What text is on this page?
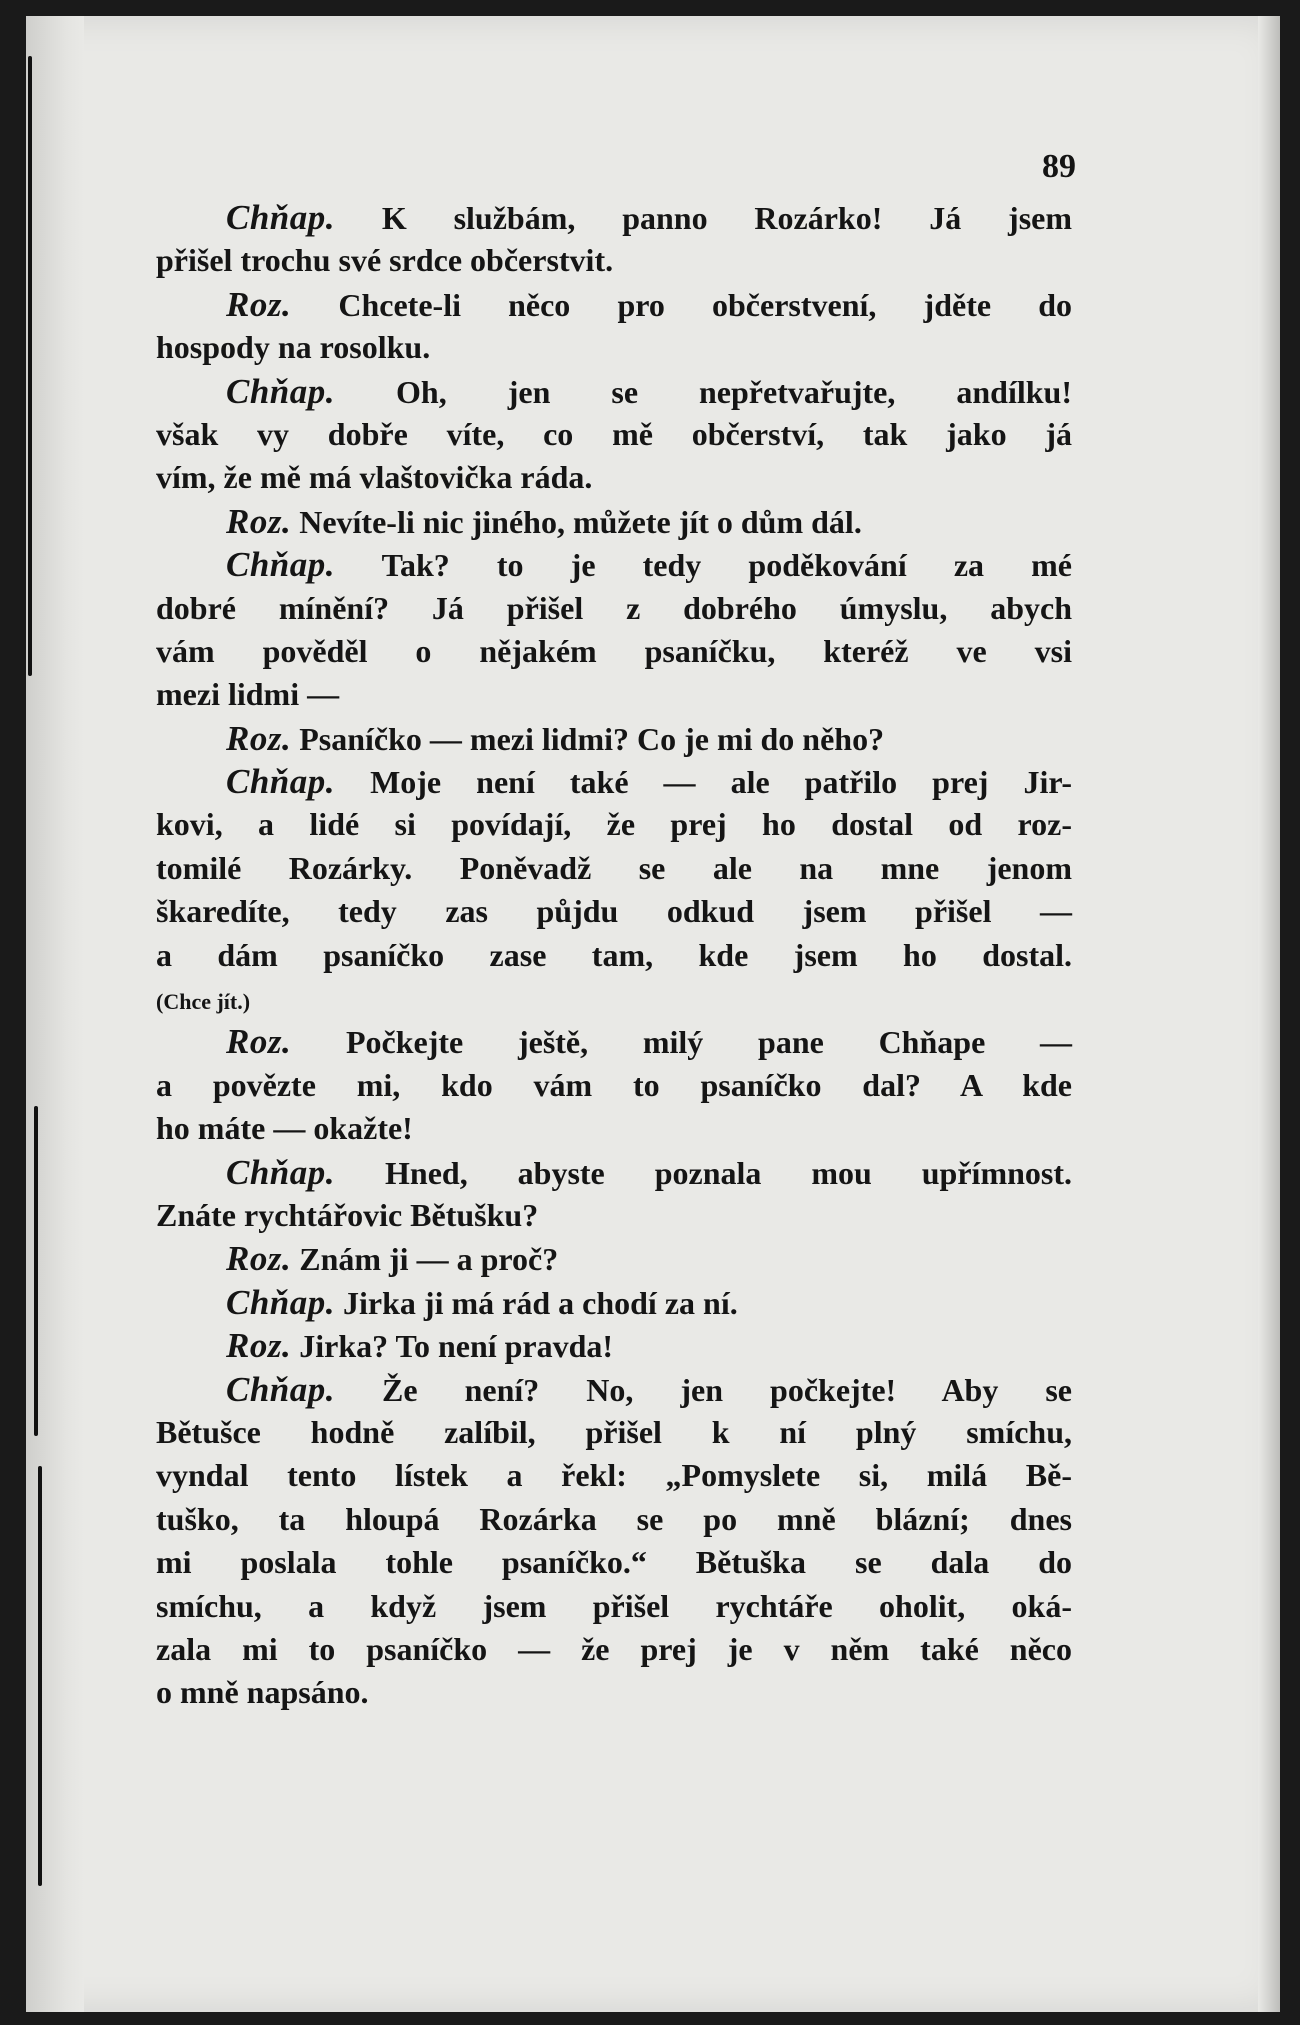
89
Chňap. K službám, panno Rozárko! Já jsem
přišel trochu své srdce občerstvit.
Roz. Chcete-li něco pro občerstvení, jděte do
hospody na rosolku.
Chňap. Oh, jen se nepřetvařujte, andílku!
však vy dobře víte, co mě občerství, tak jako já
vím, že mě má vlaštovička ráda.
Roz. Nevíte-li nic jiného, můžete jít o dům dál.
Chňap. Tak? to je tedy poděkování za mé
dobré mínění? Já přišel z dobrého úmyslu, abych
vám pověděl o nějakém psaníčku, kteréž ve vsi
mezi lidmi —
Roz. Psaníčko — mezi lidmi? Co je mi do něho?
Chňap. Moje není také — ale patřilo prej Jir-
kovi, a lidé si povídají, že prej ho dostal od roz-
tomilé Rozárky. Poněvadž se ale na mne jenom
škaredíte, tedy zas půjdu odkud jsem přišel —
a dám psaníčko zase tam, kde jsem ho dostal.
(Chce jít.)
Roz. Počkejte ještě, milý pane Chňape —
a povězte mi, kdo vám to psaníčko dal? A kde
ho máte — okažte!
Chňap. Hned, abyste poznala mou upřímnost.
Znáte rychtářovic Bětušku?
Roz. Znám ji — a proč?
Chňap. Jirka ji má rád a chodí za ní.
Roz. Jirka? To není pravda!
Chňap. Že není? No, jen počkejte! Aby se
Bětušce hodně zalíbil, přišel k ní plný smíchu,
vyndal tento lístek a řekl: „Pomyslete si, milá Bě-
tuško, ta hloupá Rozárka se po mně blázní; dnes
mi poslala tohle psaníčko.“ Bětuška se dala do
smíchu, a když jsem přišel rychtáře oholit, oká-
zala mi to psaníčko — že prej je v něm také něco
o mně napsáno.
